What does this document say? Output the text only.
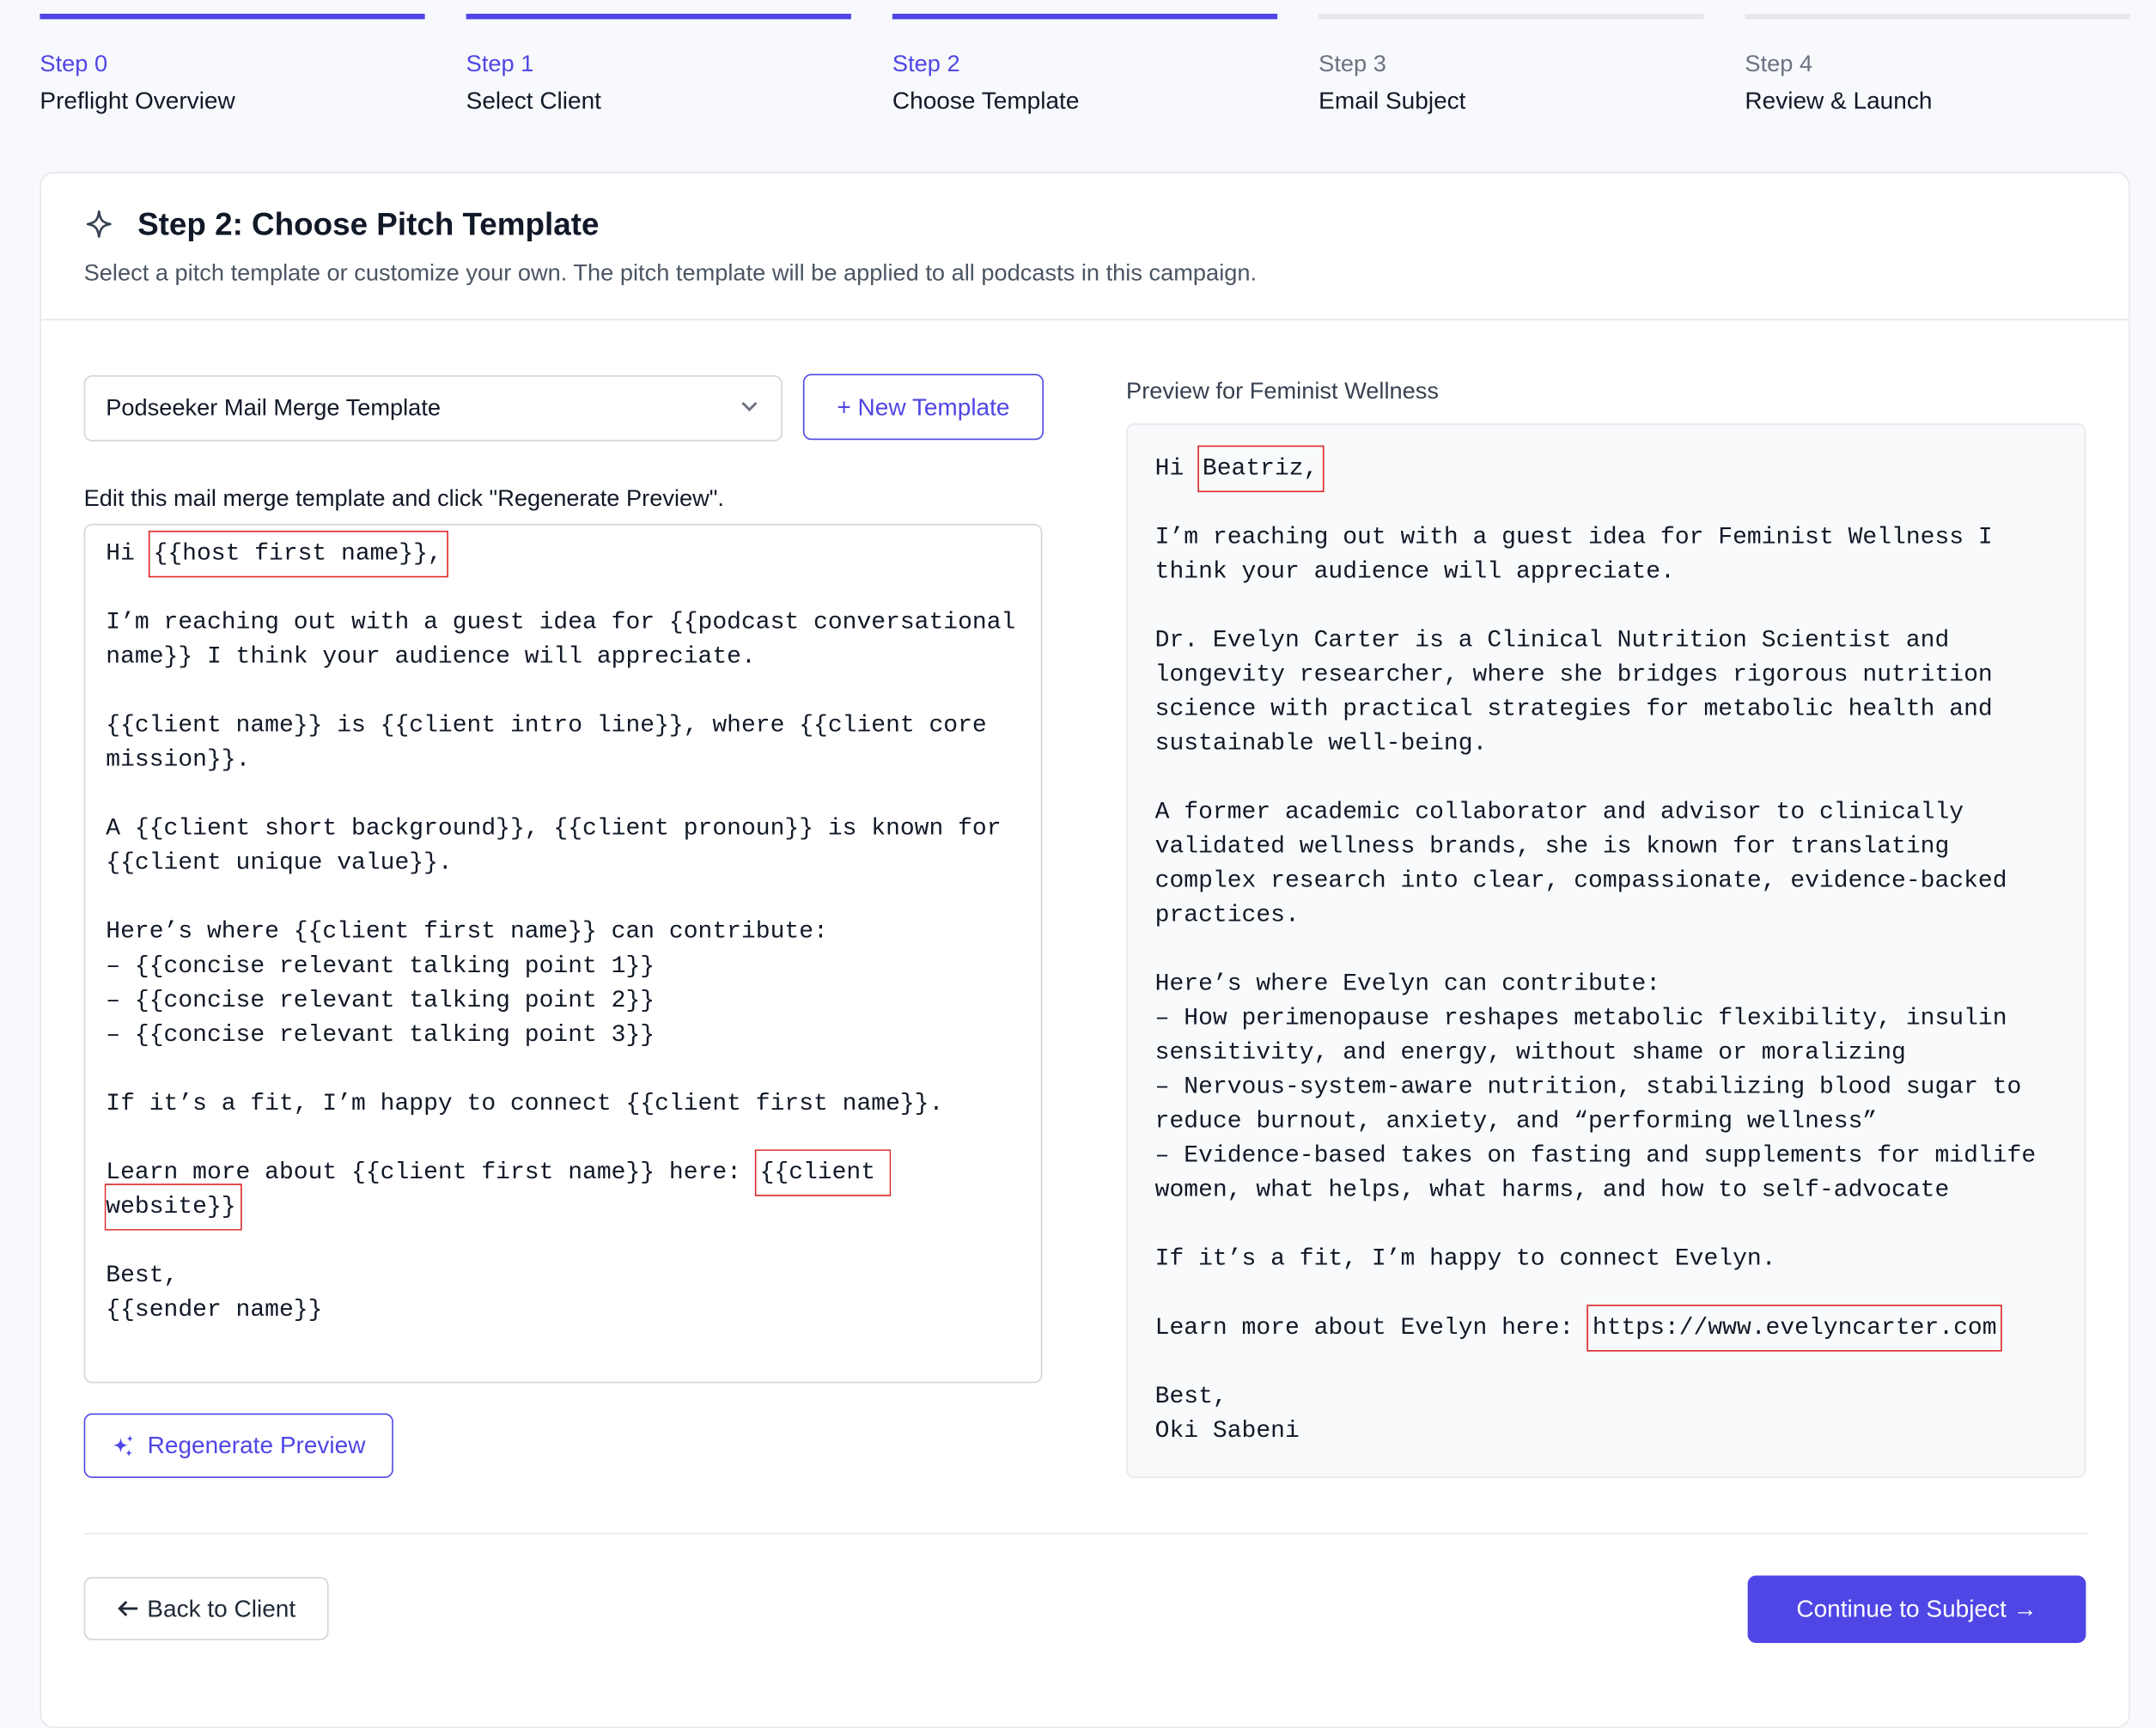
Step 0
Preflight Overview
Step 1
Select Client
Step 2
Choose Template
Step 3
Email Subject
Step 4
Review & Launch
Step 2: Choose Pitch Template
Select a pitch template or customize your own. The pitch template will be applied to all podcasts in this campaign.
Podseeker Mail Merge Template	+ New Template
Edit this mail merge template and click "Regenerate Preview".
Hi {{host first name}},
I’m reaching out with a guest idea for {{podcast conversational name}} I think your audience will appreciate.
{{client name}} is {{client intro line}}, where {{client core mission}}.
A {{client short background}}, {{client pronoun}} is known for {{client unique value}}.
Here’s where {{client first name}} can contribute:
– {{concise relevant talking point 1}}
– {{concise relevant talking point 2}}
– {{concise relevant talking point 3}}
If it’s a fit, I’m happy to connect {{client first name}}.
Learn more about {{client first name}} here: {{client website}}
Best,
{{sender name}}
Regenerate Preview
Preview for Feminist Wellness
Hi Beatriz,
I’m reaching out with a guest idea for Feminist Wellness I think your audience will appreciate.
Dr. Evelyn Carter is a Clinical Nutrition Scientist and longevity researcher, where she bridges rigorous nutrition science with practical strategies for metabolic health and sustainable well-being.
A former academic collaborator and advisor to clinically validated wellness brands, she is known for translating complex research into clear, compassionate, evidence-backed practices.
Here’s where Evelyn can contribute:
– How perimenopause reshapes metabolic flexibility, insulin sensitivity, and energy, without shame or moralizing
– Nervous-system-aware nutrition, stabilizing blood sugar to reduce burnout, anxiety, and “performing wellness”
– Evidence-based takes on fasting and supplements for midlife women, what helps, what harms, and how to self-advocate
If it’s a fit, I’m happy to connect Evelyn.
Learn more about Evelyn here: https://www.evelyncarter.com
Best,
Oki Sabeni
Back to Client	Continue to Subject →
